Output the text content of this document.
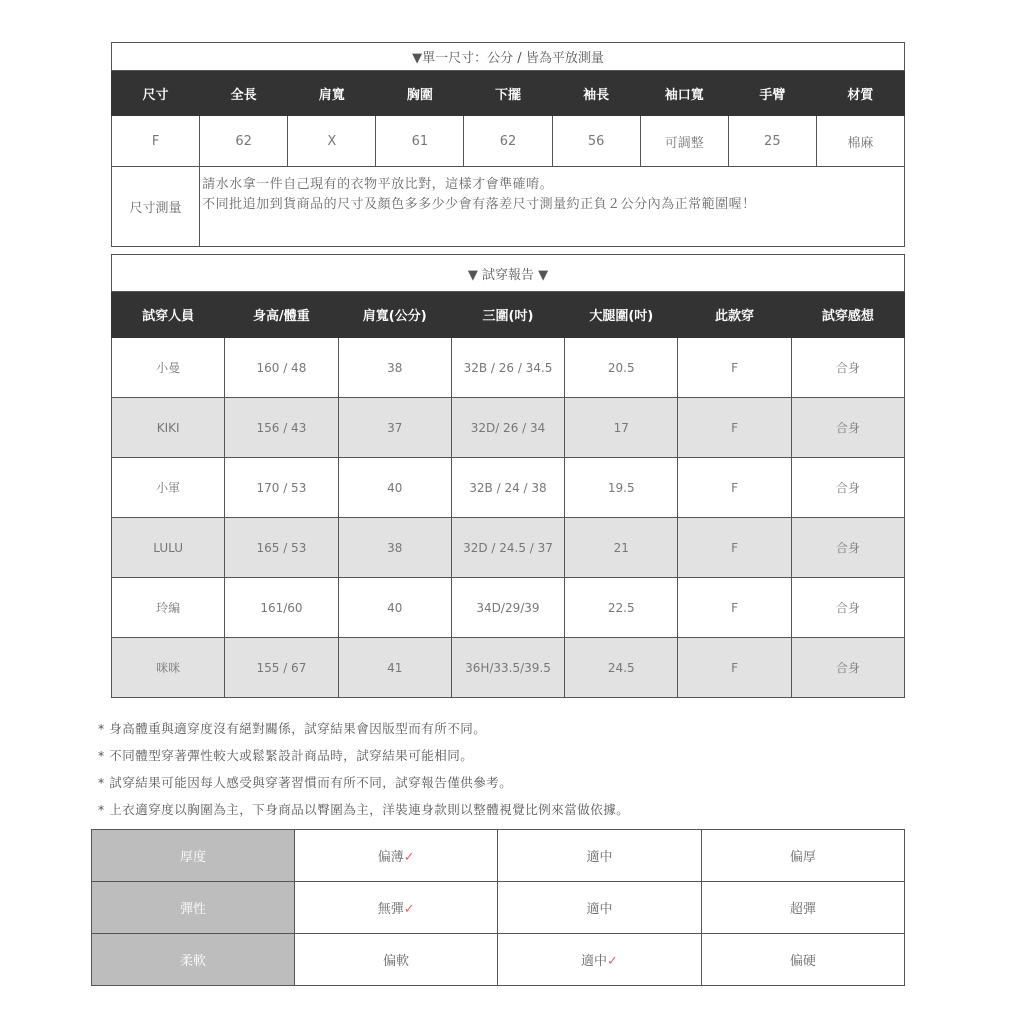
▼單一尺寸：公分 / 皆為平放測量								
尺寸	全長	肩寬	胸圍	下擺	袖長	袖口寬	手臂	材質
F	62	X	61	62	56	可調整	25	棉麻
尺寸測量	請水水拿一件自己現有的衣物平放比對，這樣才會準確唷。
不同批追加到貨商品的尺寸及顏色多多少少會有落差尺寸測量約正負２公分內為正常範圍喔！							
▼ 試穿報告 ▼						
試穿人員	身高/體重	肩寬(公分)	三圍(吋)	大腿圍(吋)	此款穿	試穿感想
小曼	160 / 48	38	32B / 26 / 34.5	20.5	F	合身
KIKI	156 / 43	37	32D/ 26 / 34	17	F	合身
小軍	170 / 53	40	32B / 24 / 38	19.5	F	合身
LULU	165 / 53	38	32D / 24.5 / 37	21	F	合身
玲編	161/60	40	34D/29/39	22.5	F	合身
咪咪	155 / 67	41	36H/33.5/39.5	24.5	F	合身
* 身高體重與適穿度沒有絕對關係，試穿結果會因版型而有所不同。
* 不同體型穿著彈性較大或鬆緊設計商品時，試穿結果可能相同。
* 試穿結果可能因每人感受與穿著習慣而有所不同，試穿報告僅供參考。
* 上衣適穿度以胸圍為主，下身商品以臀圍為主，洋裝連身款則以整體視覺比例來當做依據。
厚度	偏薄✓	適中	偏厚
彈性	無彈✓	適中	超彈
柔軟	偏軟	適中✓	偏硬
